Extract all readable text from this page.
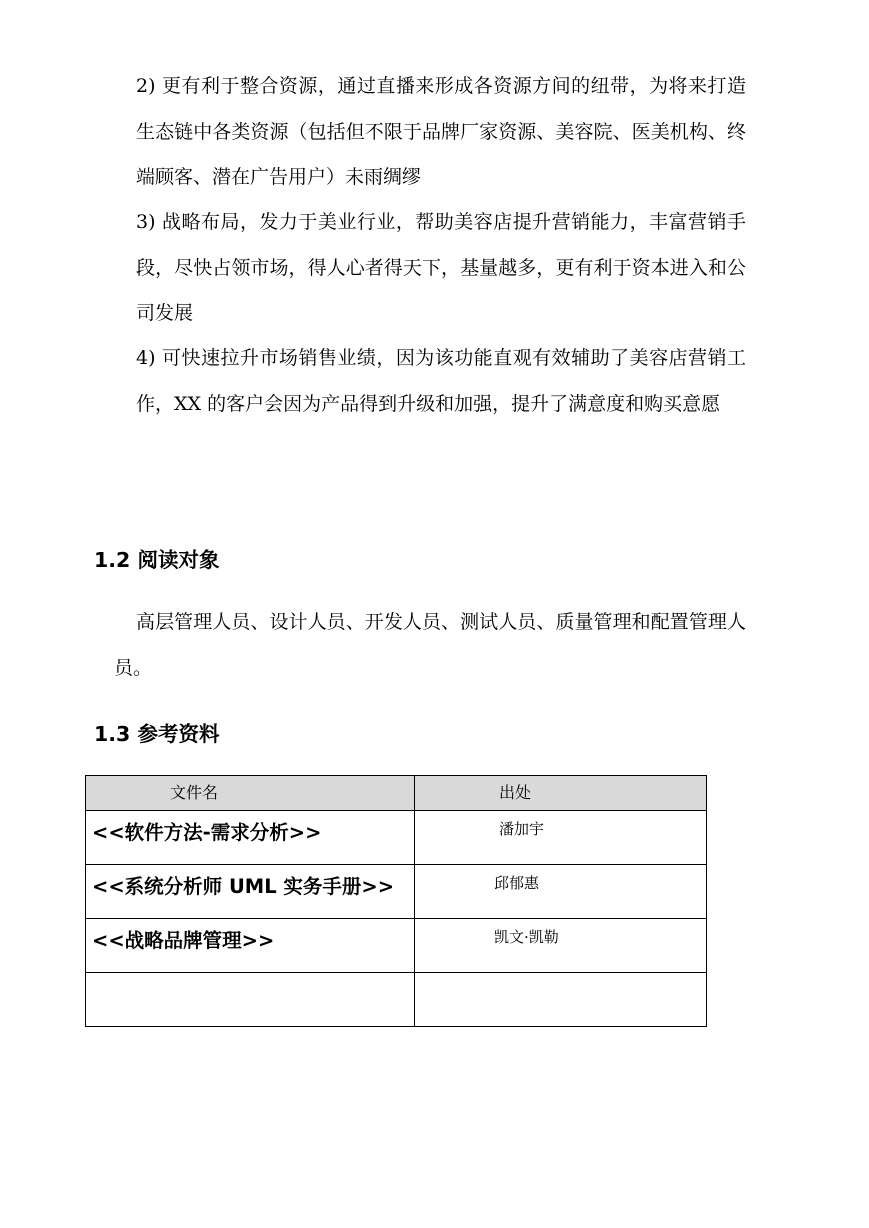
2) 更有利于整合资源，通过直播来形成各资源方间的纽带，为将来打造生态链中各类资源（包括但不限于品牌厂家资源、美容院、医美机构、终端顾客、潜在广告用户）未雨绸缪

3) 战略布局，发力于美业行业，帮助美容店提升营销能力，丰富营销手段，尽快占领市场，得人心者得天下，基量越多，更有利于资本进入和公司发展

4) 可快速拉升市场销售业绩，因为该功能直观有效辅助了美容店营销工作，XX 的客户会因为产品得到升级和加强，提升了满意度和购买意愿

1.2 阅读对象

高层管理人员、设计人员、开发人员、测试人员、质量管理和配置管理人员。

1.3 参考资料
文件名	出处
<<软件方法-需求分析>>	潘加宇
<<系统分析师 UML 实务手册>>	邱郁惠
<<战略品牌管理>>	凯文·凯勒
